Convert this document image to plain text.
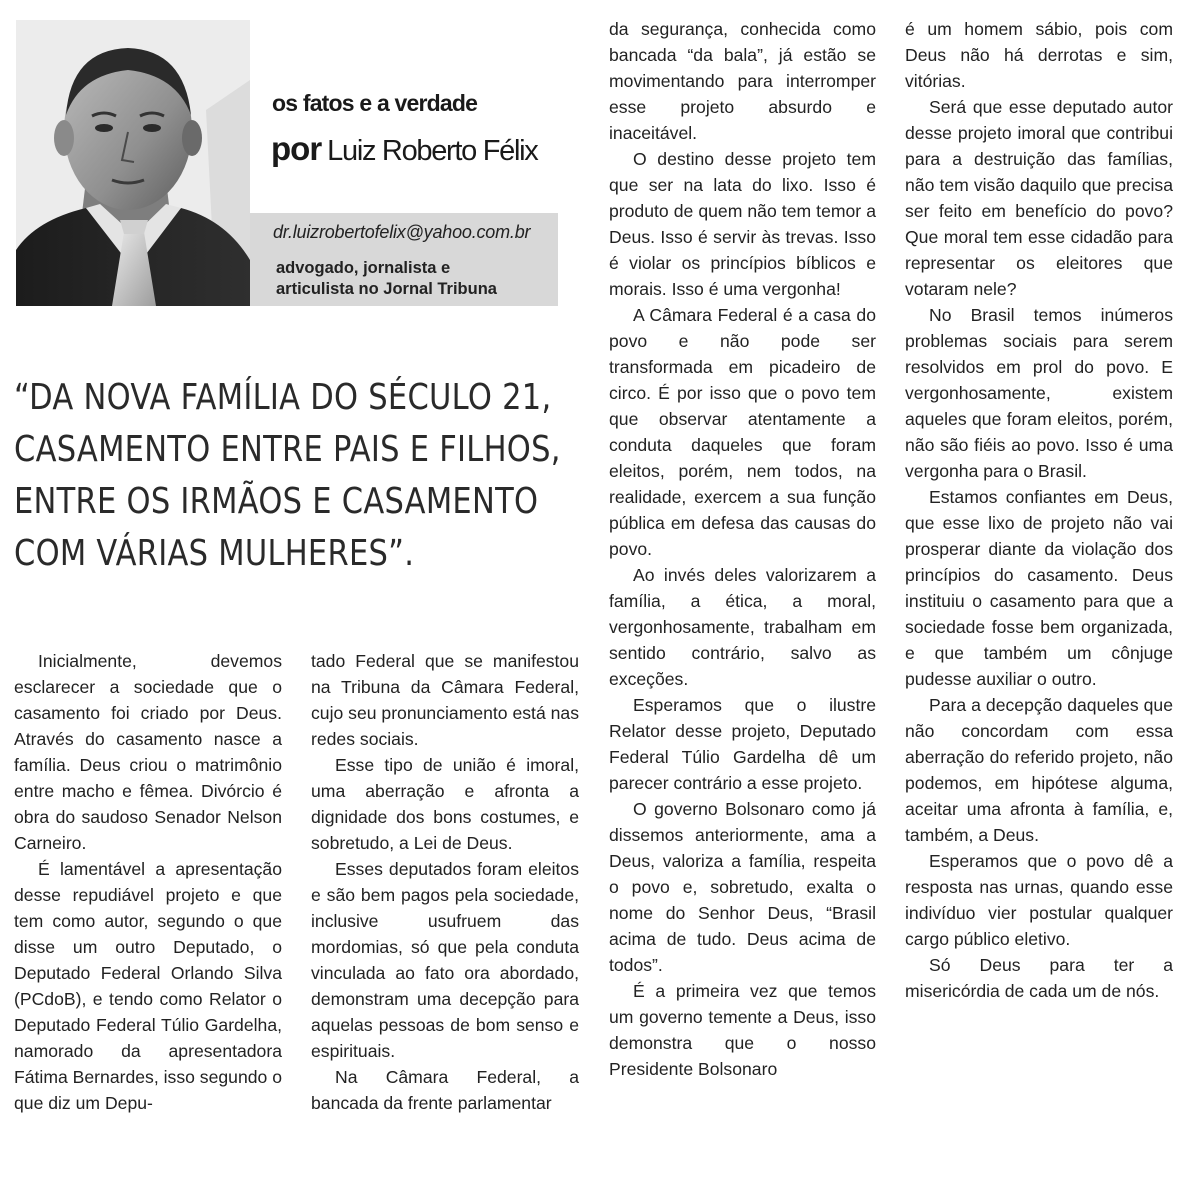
os fatos e a verdade
por Luiz Roberto Félix
dr.luizrobertofelix@yahoo.com.br
advogado, jornalista e
articulista no Jornal Tribuna
“DA NOVA FAMÍLIA DO SÉCULO 21,
CASAMENTO ENTRE PAIS E FILHOS,
ENTRE OS IRMÃOS E CASAMENTO
COM VÁRIAS MULHERES”.

Inicialmente, devemos esclarecer a sociedade que o casamento foi criado por Deus. Através do casamento nasce a família. Deus criou o matrimônio entre macho e fêmea. Divórcio é obra do saudoso Senador Nelson Carneiro.

É lamentável a apresentação desse repudiável projeto e que tem como autor, segundo o que disse um outro Deputado, o Deputado Federal Orlando Silva (PCdoB), e tendo como Relator o Deputado Federal Túlio Gardelha, namorado da apresentadora Fátima Bernardes, isso segundo o que diz um Depu-

tado Federal que se manifestou na Tribuna da Câmara Federal, cujo seu pronunciamento está nas redes sociais.

Esse tipo de união é imoral, uma aberração e afronta a dignidade dos bons costumes, e sobretudo, a Lei de Deus.

Esses deputados foram eleitos e são bem pagos pela sociedade, inclusive usufruem das mordomias, só que pela conduta vinculada ao fato ora abordado, demonstram uma decepção para aquelas pessoas de bom senso e espirituais.

Na Câmara Federal, a bancada da frente parlamentar

da segurança, conhecida como bancada “da bala”, já estão se movimentando para interromper esse projeto absurdo e inaceitável.

O destino desse projeto tem que ser na lata do lixo. Isso é produto de quem não tem temor a Deus. Isso é servir às trevas. Isso é violar os princípios bíblicos e morais. Isso é uma vergonha!

A Câmara Federal é a casa do povo e não pode ser transformada em picadeiro de circo. É por isso que o povo tem que observar atentamente a conduta daqueles que foram eleitos, porém, nem todos, na realidade, exercem a sua função pública em defesa das causas do povo.

Ao invés deles valorizarem a família, a ética, a moral, vergonhosamente, trabalham em sentido contrário, salvo as exceções.

Esperamos que o ilustre Relator desse projeto, Deputado Federal Túlio Gardelha dê um parecer contrário a esse projeto.

O governo Bolsonaro como já dissemos anteriormente, ama a Deus, valoriza a família, respeita o povo e, sobretudo, exalta o nome do Senhor Deus, “Brasil acima de tudo. Deus acima de todos”.

É a primeira vez que temos um governo temente a Deus, isso demonstra que o nosso Presidente Bolsonaro

é um homem sábio, pois com Deus não há derrotas e sim, vitórias.

Será que esse deputado autor desse projeto imoral que contribui para a destruição das famílias, não tem visão daquilo que precisa ser feito em benefício do povo? Que moral tem esse cidadão para representar os eleitores que votaram nele?

No Brasil temos inúmeros problemas sociais para serem resolvidos em prol do povo. E vergonhosamente, existem aqueles que foram eleitos, porém, não são fiéis ao povo. Isso é uma vergonha para o Brasil.

Estamos confiantes em Deus, que esse lixo de projeto não vai prosperar diante da violação dos princípios do casamento. Deus instituiu o casamento para que a sociedade fosse bem organizada, e que também um cônjuge pudesse auxiliar o outro.

Para a decepção daqueles que não concordam com essa aberração do referido projeto, não podemos, em hipótese alguma, aceitar uma afronta à família, e, também, a Deus.

Esperamos que o povo dê a resposta nas urnas, quando esse indivíduo vier postular qualquer cargo público eletivo.

Só Deus para ter a misericórdia de cada um de nós.
